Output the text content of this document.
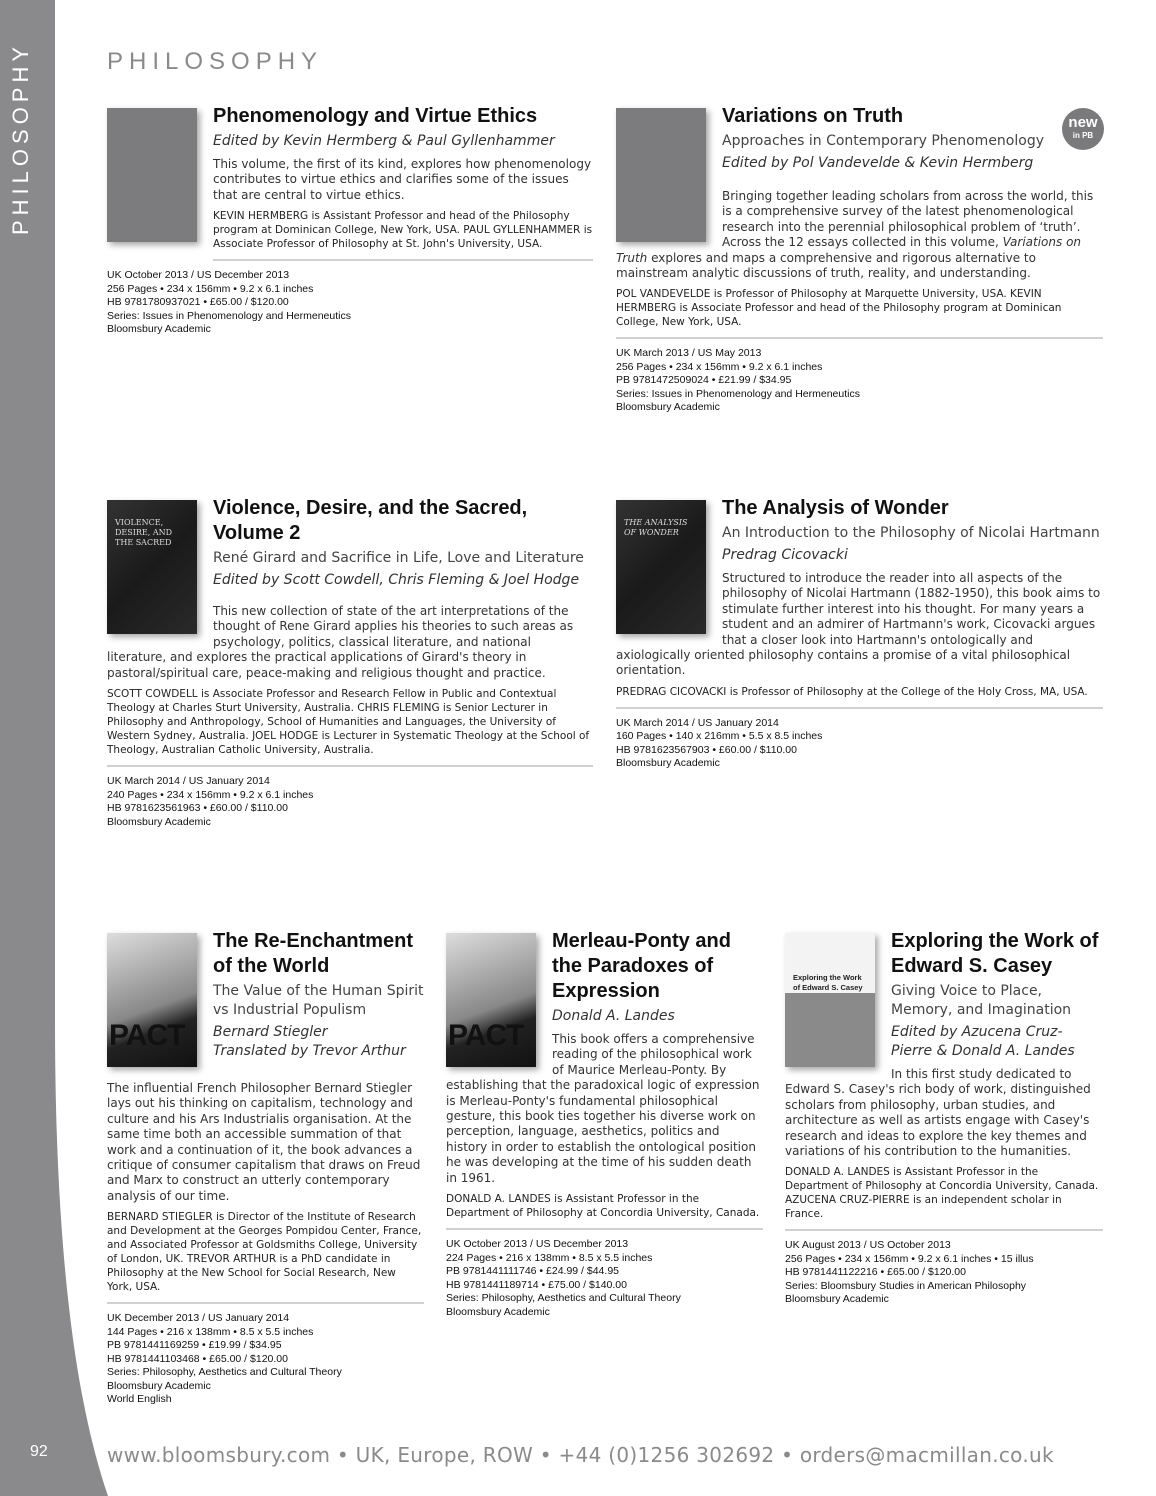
PHILOSOPHY	PHILOSOPHY
Phenomenology and Virtue Ethics
Edited by Kevin Hermberg & Paul Gyllenhammer
This volume, the first of its kind, explores how phenomenology contributes to virtue ethics and clarifies some of the issues that are central to virtue ethics.
KEVIN HERMBERG is Assistant Professor and head of the Philosophy program at Dominican College, New York, USA. PAUL GYLLENHAMMER is Associate Professor of Philosophy at St. John's University, USA.
UK October 2013 / US December 2013
256 Pages • 234 x 156mm • 9.2 x 6.1 inches
HB 9781780937021 • £65.00 / $120.00
Series: Issues in Phenomenology and Hermeneutics
Bloomsbury Academic
Variations on Truth
Approaches in Contemporary Phenomenology
Edited by Pol Vandevelde & Kevin Hermberg
Bringing together leading scholars from across the world, this is a comprehensive survey of the latest phenomenological research into the perennial philosophical problem of ‘truth’. Across the 12 essays collected in this volume, Variations on Truth explores and maps a comprehensive and rigorous alternative to mainstream analytic discussions of truth, reality, and understanding.
POL VANDEVELDE is Professor of Philosophy at Marquette University, USA. KEVIN HERMBERG is Associate Professor and head of the Philosophy program at Dominican College, New York, USA.
UK March 2013 / US May 2013
256 Pages • 234 x 156mm • 9.2 x 6.1 inches
PB 9781472509024 • £21.99 / $34.95
Series: Issues in Phenomenology and Hermeneutics
Bloomsbury Academic
new
in PB
VIOLENCE, DESIRE, AND THE SACRED
Violence, Desire, and the Sacred, Volume 2
René Girard and Sacrifice in Life, Love and Literature
Edited by Scott Cowdell, Chris Fleming & Joel Hodge
This new collection of state of the art interpretations of the thought of Rene Girard applies his theories to such areas as psychology, politics, classical literature, and national literature, and explores the practical applications of Girard's theory in pastoral/spiritual care, peace-making and religious thought and practice.
SCOTT COWDELL is Associate Professor and Research Fellow in Public and Contextual Theology at Charles Sturt University, Australia. CHRIS FLEMING is Senior Lecturer in Philosophy and Anthropology, School of Humanities and Languages, the University of Western Sydney, Australia. JOEL HODGE is Lecturer in Systematic Theology at the School of Theology, Australian Catholic University, Australia.
UK March 2014 / US January 2014
240 Pages • 234 x 156mm • 9.2 x 6.1 inches
HB 9781623561963 • £60.00 / $110.00
Bloomsbury Academic
THE ANALYSIS OF WONDER
The Analysis of Wonder
An Introduction to the Philosophy of Nicolai Hartmann
Predrag Cicovacki
Structured to introduce the reader into all aspects of the philosophy of Nicolai Hartmann (1882-1950), this book aims to stimulate further interest into his thought. For many years a student and an admirer of Hartmann's work, Cicovacki argues that a closer look into Hartmann's ontologically and axiologically oriented philosophy contains a promise of a vital philosophical orientation.
PREDRAG CICOVACKI is Professor of Philosophy at the College of the Holy Cross, MA, USA.
UK March 2014 / US January 2014
160 Pages • 140 x 216mm • 5.5 x 8.5 inches
HB 9781623567903 • £60.00 / $110.00
Bloomsbury Academic
PACT
The Re-Enchantment of the World
The Value of the Human Spirit vs Industrial Populism
Bernard Stiegler
Translated by Trevor Arthur
The influential French Philosopher Bernard Stiegler lays out his thinking on capitalism, technology and culture and his Ars Industrialis organisation. At the same time both an accessible summation of that work and a continuation of it, the book advances a critique of consumer capitalism that draws on Freud and Marx to construct an utterly contemporary analysis of our time.
BERNARD STIEGLER is Director of the Institute of Research and Development at the Georges Pompidou Center, France, and Associated Professor at Goldsmiths College, University of London, UK. TREVOR ARTHUR is a PhD candidate in Philosophy at the New School for Social Research, New York, USA.
UK December 2013 / US January 2014
144 Pages • 216 x 138mm • 8.5 x 5.5 inches
PB 9781441169259 • £19.99 / $34.95
HB 9781441103468 • £65.00 / $120.00
Series: Philosophy, Aesthetics and Cultural Theory
Bloomsbury Academic
World English
PACT
Merleau-Ponty and the Paradoxes of Expression
Donald A. Landes
This book offers a comprehensive reading of the philosophical work of Maurice Merleau-Ponty. By establishing that the paradoxical logic of expression is Merleau-Ponty's fundamental philosophical gesture, this book ties together his diverse work on perception, language, aesthetics, politics and history in order to establish the ontological position he was developing at the time of his sudden death in 1961.
DONALD A. LANDES is Assistant Professor in the Department of Philosophy at Concordia University, Canada.
UK October 2013 / US December 2013
224 Pages • 216 x 138mm • 8.5 x 5.5 inches
PB 9781441111746 • £24.99 / $44.95
HB 9781441189714 • £75.00 / $140.00
Series: Philosophy, Aesthetics and Cultural Theory
Bloomsbury Academic
Exploring the Work of Edward S. Casey
Exploring the Work of Edward S. Casey
Giving Voice to Place, Memory, and Imagination
Edited by Azucena Cruz-Pierre & Donald A. Landes
In this first study dedicated to Edward S. Casey's rich body of work, distinguished scholars from philosophy, urban studies, and architecture as well as artists engage with Casey's research and ideas to explore the key themes and variations of his contribution to the humanities.
DONALD A. LANDES is Assistant Professor in the Department of Philosophy at Concordia University, Canada. AZUCENA CRUZ-PIERRE is an independent scholar in France.
UK August 2013 / US October 2013
256 Pages • 234 x 156mm • 9.2 x 6.1 inches • 15 illus
HB 9781441122216 • £65.00 / $120.00
Series: Bloomsbury Studies in American Philosophy
Bloomsbury Academic
92	www.bloomsbury.com • UK, Europe, ROW • +44 (0)1256 302692 • orders@macmillan.co.uk
